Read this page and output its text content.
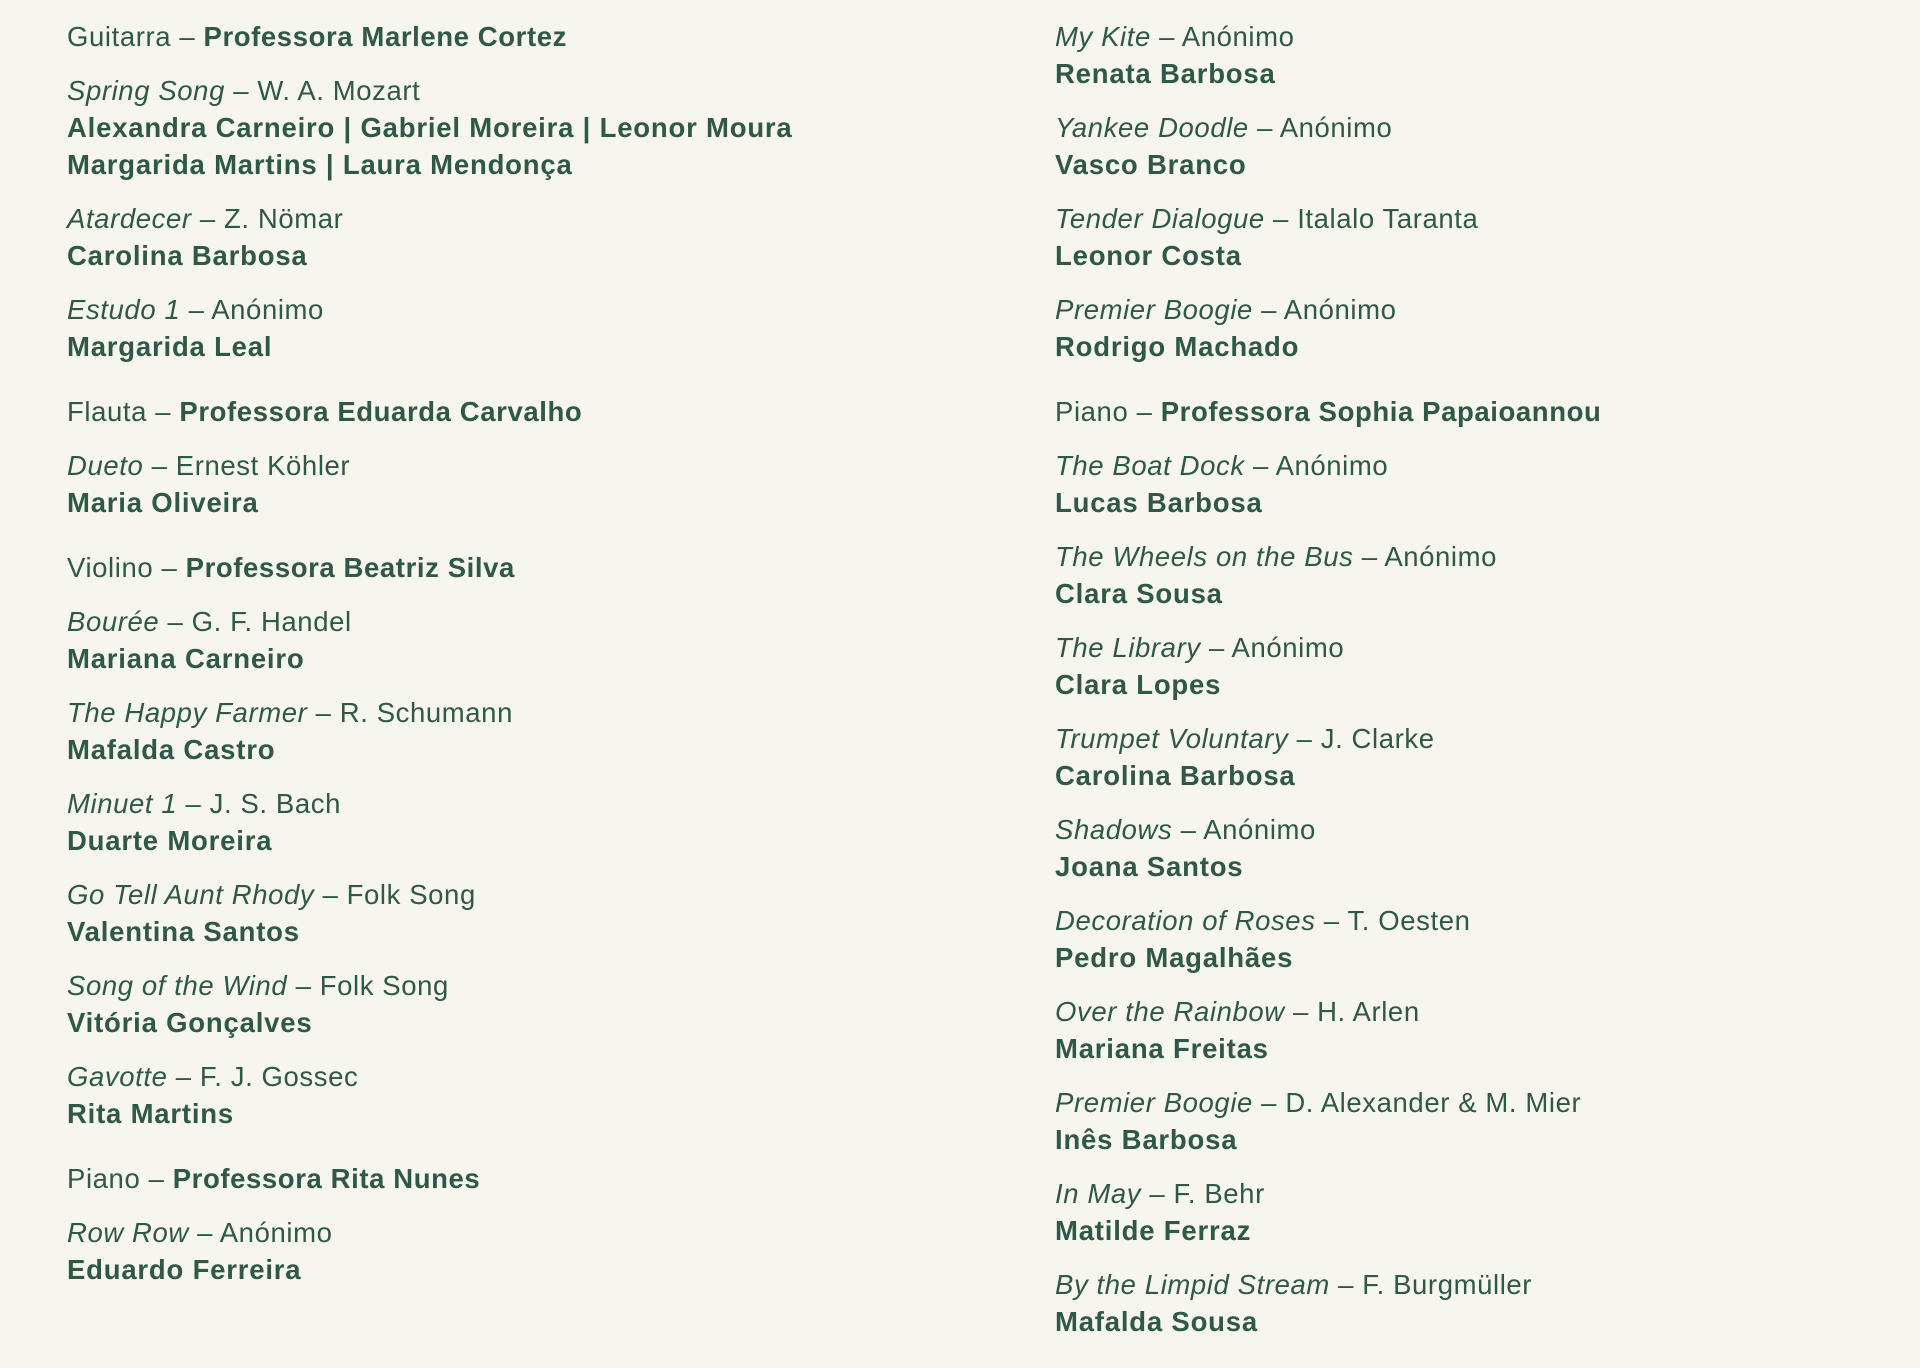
Guitarra – Professora Marlene Cortez
Spring Song – W. A. Mozart
Alexandra Carneiro | Gabriel Moreira | Leonor Moura
Margarida Martins | Laura Mendonça
Atardecer – Z. Nömar
Carolina Barbosa
Estudo 1 – Anónimo
Margarida Leal
Flauta – Professora Eduarda Carvalho
Dueto – Ernest Köhler
Maria Oliveira
Violino – Professora Beatriz Silva
Bourée – G. F. Handel
Mariana Carneiro
The Happy Farmer – R. Schumann
Mafalda Castro
Minuet 1 – J. S. Bach
Duarte Moreira
Go Tell Aunt Rhody – Folk Song
Valentina Santos
Song of the Wind – Folk Song
Vitória Gonçalves
Gavotte – F. J. Gossec
Rita Martins
Piano – Professora Rita Nunes
Row Row – Anónimo
Eduardo Ferreira
My Kite – Anónimo
Renata Barbosa
Yankee Doodle – Anónimo
Vasco Branco
Tender Dialogue – Italalo Taranta
Leonor Costa
Premier Boogie – Anónimo
Rodrigo Machado
Piano – Professora Sophia Papaioannou
The Boat Dock – Anónimo
Lucas Barbosa
The Wheels on the Bus – Anónimo
Clara Sousa
The Library – Anónimo
Clara Lopes
Trumpet Voluntary – J. Clarke
Carolina Barbosa
Shadows – Anónimo
Joana Santos
Decoration of Roses – T. Oesten
Pedro Magalhães
Over the Rainbow – H. Arlen
Mariana Freitas
Premier Boogie – D. Alexander & M. Mier
Inês Barbosa
In May – F. Behr
Matilde Ferraz
By the Limpid Stream – F. Burgmüller
Mafalda Sousa
